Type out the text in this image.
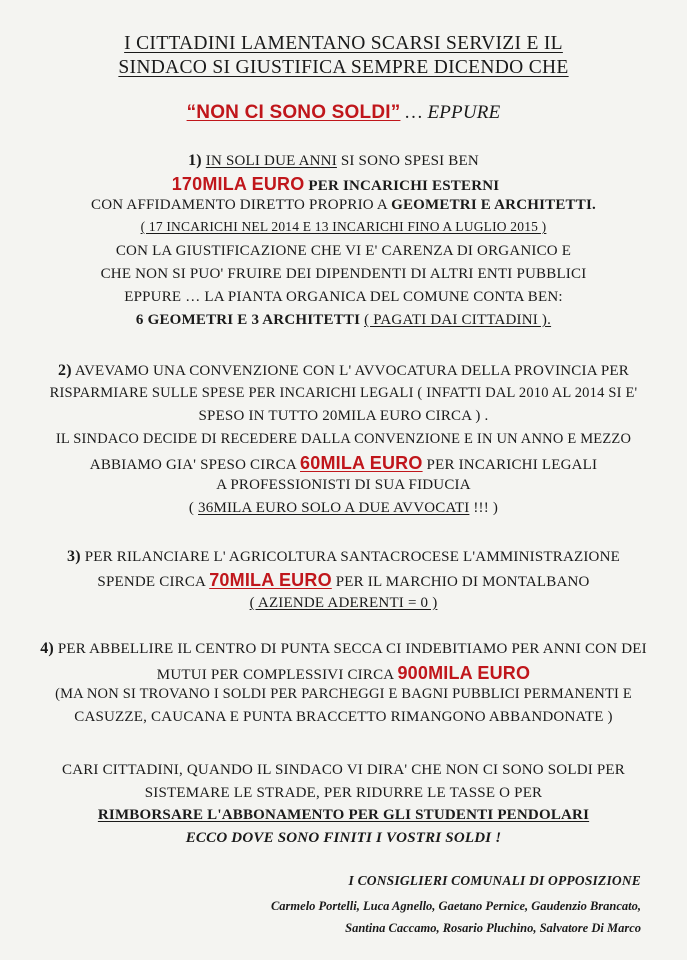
I CITTADINI LAMENTANO SCARSI SERVIZI E IL
SINDACO SI GIUSTIFICA SEMPRE DICENDO CHE
“NON CI SONO SOLDI” … EPPURE
1) IN SOLI DUE ANNI SI SONO SPESI BEN
170MILA EURO PER INCARICHI ESTERNI
CON AFFIDAMENTO DIRETTO PROPRIO A GEOMETRI E ARCHITETTI.
( 17 INCARICHI NEL 2014 E 13 INCARICHI FINO A LUGLIO 2015 )
CON LA GIUSTIFICAZIONE CHE VI E' CARENZA DI ORGANICO E
CHE NON SI PUO' FRUIRE DEI DIPENDENTI DI ALTRI ENTI PUBBLICI
EPPURE … LA PIANTA ORGANICA DEL COMUNE CONTA BEN:
6 GEOMETRI E 3 ARCHITETTI ( PAGATI DAI CITTADINI ).
2) AVEVAMO UNA CONVENZIONE CON L' AVVOCATURA DELLA PROVINCIA PER
RISPARMIARE SULLE SPESE PER INCARICHI LEGALI ( INFATTI DAL 2010 AL 2014 SI E'
SPESO IN TUTTO 20MILA EURO CIRCA ) .
IL SINDACO DECIDE DI RECEDERE DALLA CONVENZIONE E IN UN ANNO E MEZZO
ABBIAMO GIA' SPESO CIRCA 60MILA EURO PER INCARICHI LEGALI
A PROFESSIONISTI DI SUA FIDUCIA
( 36MILA EURO SOLO A DUE AVVOCATI !!! )
3) PER RILANCIARE L' AGRICOLTURA SANTACROCESE L'AMMINISTRAZIONE
SPENDE CIRCA 70MILA EURO PER IL MARCHIO DI MONTALBANO
( AZIENDE ADERENTI = 0 )
4) PER ABBELLIRE IL CENTRO DI PUNTA SECCA CI INDEBITIAMO PER ANNI CON DEI
MUTUI PER COMPLESSIVI CIRCA 900MILA EURO
(MA NON SI TROVANO I SOLDI PER PARCHEGGI E BAGNI PUBBLICI PERMANENTI E
CASUZZE, CAUCANA E PUNTA BRACCETTO RIMANGONO ABBANDONATE )
CARI CITTADINI, QUANDO IL SINDACO VI DIRA' CHE NON CI SONO SOLDI PER
SISTEMARE LE STRADE, PER RIDURRE LE TASSE O PER
RIMBORSARE L'ABBONAMENTO PER GLI STUDENTI PENDOLARI
ECCO DOVE SONO FINITI I VOSTRI SOLDI !
I CONSIGLIERI COMUNALI DI OPPOSIZIONE
Carmelo Portelli, Luca Agnello, Gaetano Pernice, Gaudenzio Brancato,
Santina Caccamo, Rosario Pluchino, Salvatore Di Marco
